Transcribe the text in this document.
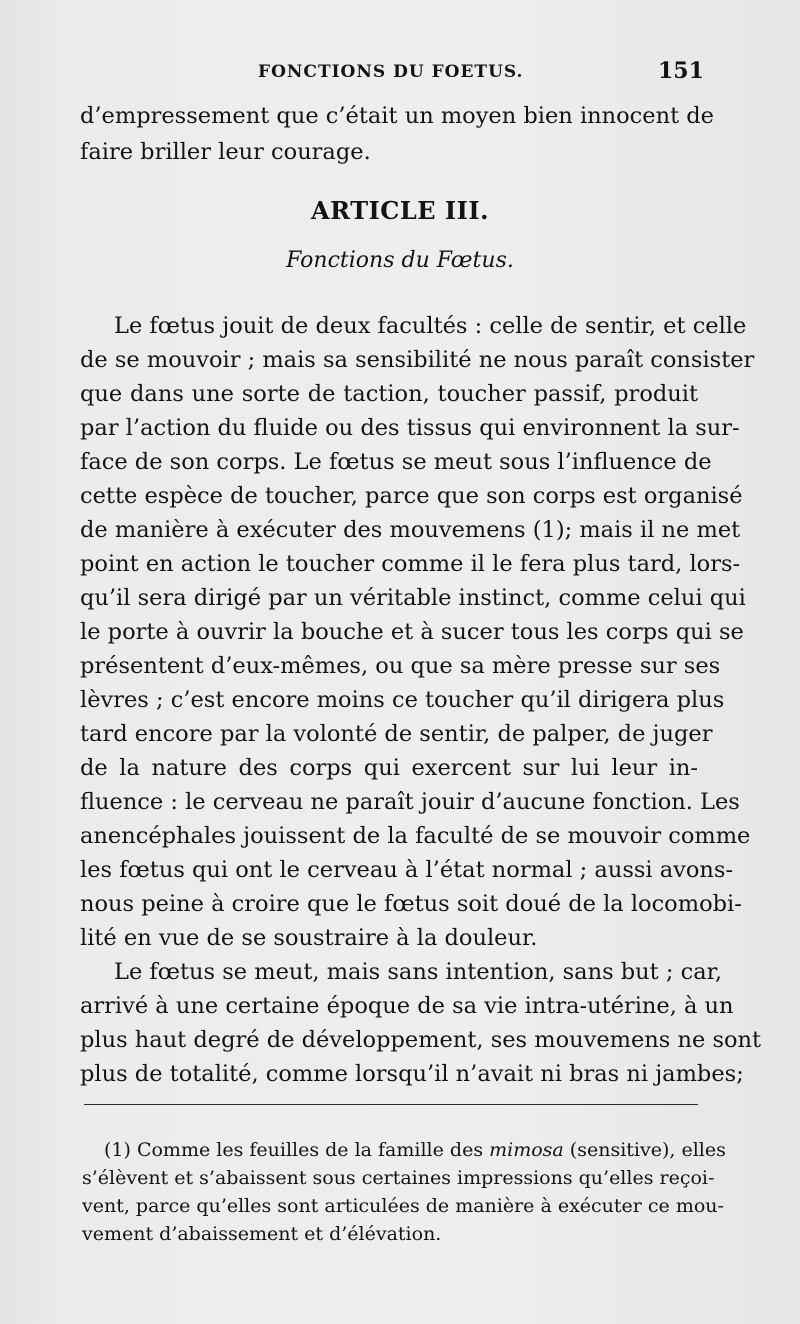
FONCTIONS DU FOETUS.	151
d’empressement que c’était un moyen bien innocent de
faire briller leur courage.
ARTICLE III.
Fonctions du Fœtus.
Le fœtus jouit de deux facultés : celle de sentir, et celle
de se mouvoir ; mais sa sensibilité ne nous paraît consister
que dans une sorte de taction, toucher passif, produit
par l’action du fluide ou des tissus qui environnent la sur-
face de son corps. Le fœtus se meut sous l’influence de
cette espèce de toucher, parce que son corps est organisé
de manière à exécuter des mouvemens (1); mais il ne met
point en action le toucher comme il le fera plus tard, lors-
qu’il sera dirigé par un véritable instinct, comme celui qui
le porte à ouvrir la bouche et à sucer tous les corps qui se
présentent d’eux-mêmes, ou que sa mère presse sur ses
lèvres ; c’est encore moins ce toucher qu’il dirigera plus
tard encore par la volonté de sentir, de palper, de juger
de la nature des corps qui exercent sur lui leur in-
fluence : le cerveau ne paraît jouir d’aucune fonction. Les
anencéphales jouissent de la faculté de se mouvoir comme
les fœtus qui ont le cerveau à l’état normal ; aussi avons-
nous peine à croire que le fœtus soit doué de la locomobi-
lité en vue de se soustraire à la douleur.
Le fœtus se meut, mais sans intention, sans but ; car,
arrivé à une certaine époque de sa vie intra-utérine, à un
plus haut degré de développement, ses mouvemens ne sont
plus de totalité, comme lorsqu’il n’avait ni bras ni jambes;
(1) Comme les feuilles de la famille des mimosa (sensitive), elles
s’élèvent et s’abaissent sous certaines impressions qu’elles reçoi-
vent, parce qu’elles sont articulées de manière à exécuter ce mou-
vement d’abaissement et d’élévation.
